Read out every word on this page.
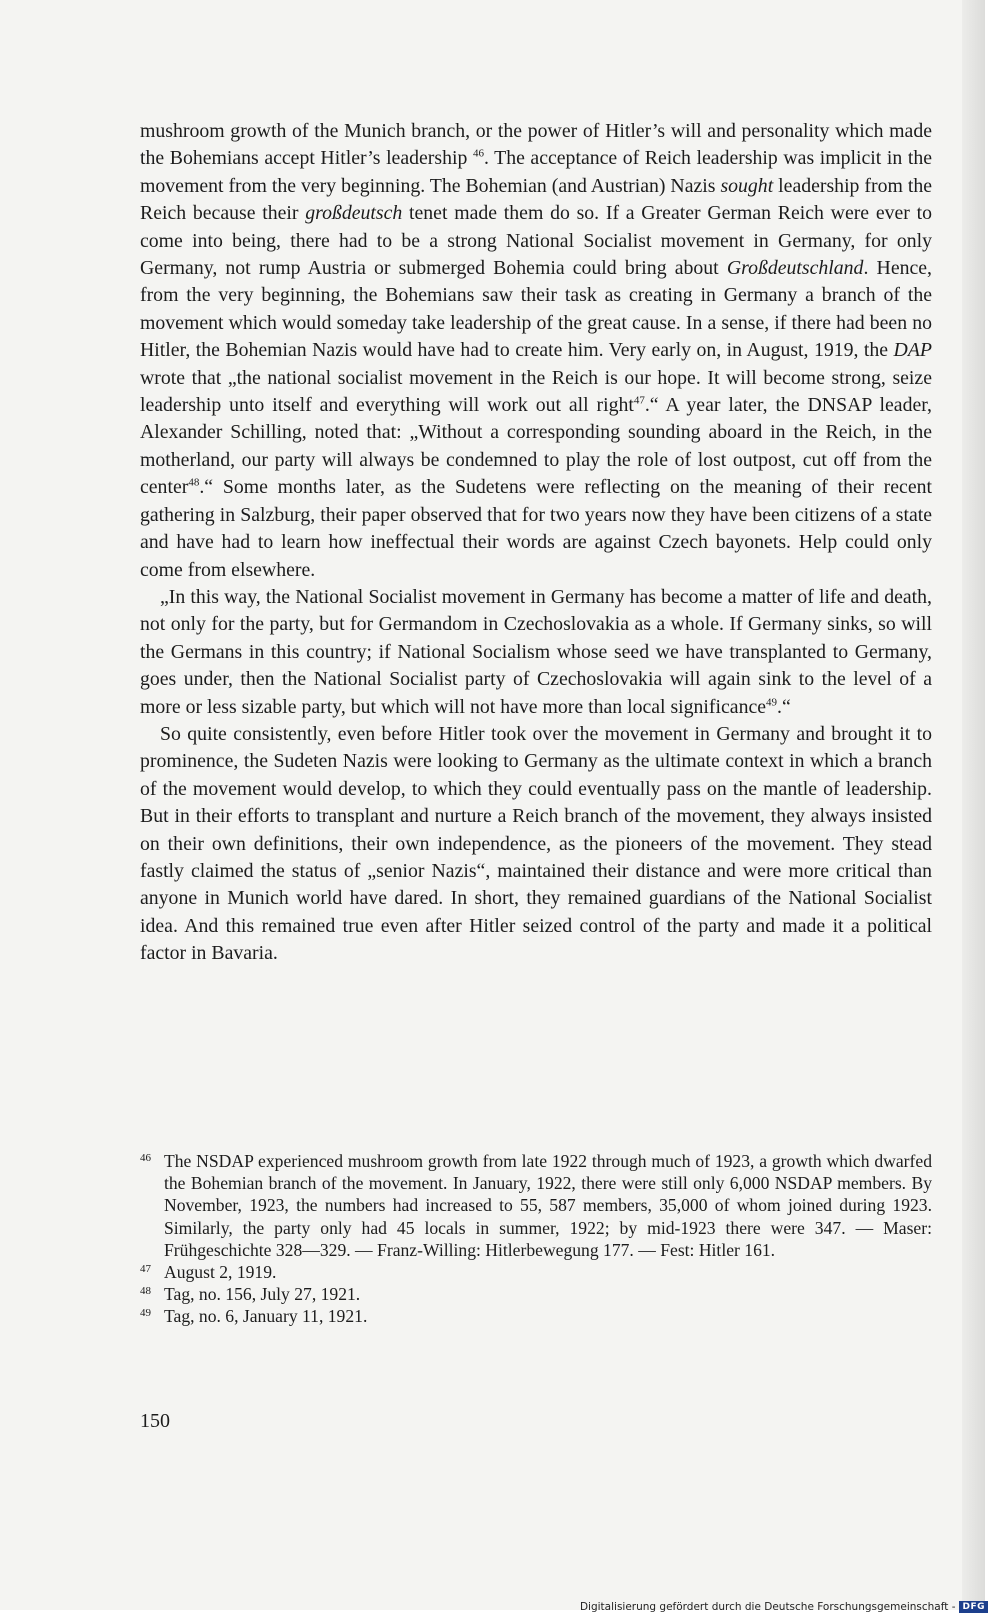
mushroom growth of the Munich branch, or the power of Hitler’s will and personality which made the Bohemians accept Hitler’s leadership $^{46}$. The acceptance of Reich leadership was implicit in the movement from the very beginning. The Bohemian (and Austrian) Nazis sought leadership from the Reich because their großdeutsch tenet made them do so. If a Greater German Reich were ever to come into being, there had to be a strong National Socialist movement in Germany, for only Germany, not rump Austria or submerged Bohemia could bring about Großdeutschland. Hence, from the very beginning, the Bohemians saw their task as creating in Germany a branch of the movement which would someday take leadership of the great cause. In a sense, if there had been no Hitler, the Bohemian Nazis would have had to create him. Very early on, in August, 1919, the DAP wrote that „the national socialist movement in the Reich is our hope. It will become strong, seize leadership unto itself and everything will work out all right$^{47}$.“ A year later, the DNSAP leader, Alexander Schilling, noted that: „Without a corresponding sounding aboard in the Reich, in the motherland, our party will always be condemned to play the role of lost outpost, cut off from the center$^{48}$.“ Some months later, as the Sudetens were reflecting on the meaning of their recent gathering in Salzburg, their paper observed that for two years now they have been citizens of a state and have had to learn how ineffectual their words are against Czech bayonets. Help could only come from elsewhere.

„In this way, the National Socialist movement in Germany has become a matter of life and death, not only for the party, but for Germandom in Czechoslovakia as a whole. If Germany sinks, so will the Germans in this country; if National Socialism whose seed we have transplanted to Germany, goes under, then the National Socialist party of Czechoslovakia will again sink to the level of a more or less sizable party, but which will not have more than local significance$^{49}$.“

So quite consistently, even before Hitler took over the movement in Germany and brought it to prominence, the Sudeten Nazis were looking to Germany as the ultimate context in which a branch of the movement would develop, to which they could eventually pass on the mantle of leadership. But in their efforts to transplant and nurture a Reich branch of the movement, they always insisted on their own definitions, their own independence, as the pioneers of the movement. They stead fastly claimed the status of „senior Nazis“, maintained their distance and were more critical than anyone in Munich world have dared. In short, they remained guardians of the National Socialist idea. And this remained true even after Hitler seized control of the party and made it a political factor in Bavaria.

46 The NSDAP experienced mushroom growth from late 1922 through much of 1923, a growth which dwarfed the Bohemian branch of the movement. In January, 1922, there were still only 6,000 NSDAP members. By November, 1923, the numbers had increased to 55, 587 members, 35,000 of whom joined during 1923. Similarly, the party only had 45 locals in summer, 1922; by mid-1923 there were 347. — Maser: Frühgeschichte 328—329. — Franz-Willing: Hitlerbewegung 177. — Fest: Hitler 161.

47 August 2, 1919.

48 Tag, no. 156, July 27, 1921.

49 Tag, no. 6, January 11, 1921.

150
Digitalisierung gefördert durch die Deutsche Forschungsgemeinschaft - DFG
